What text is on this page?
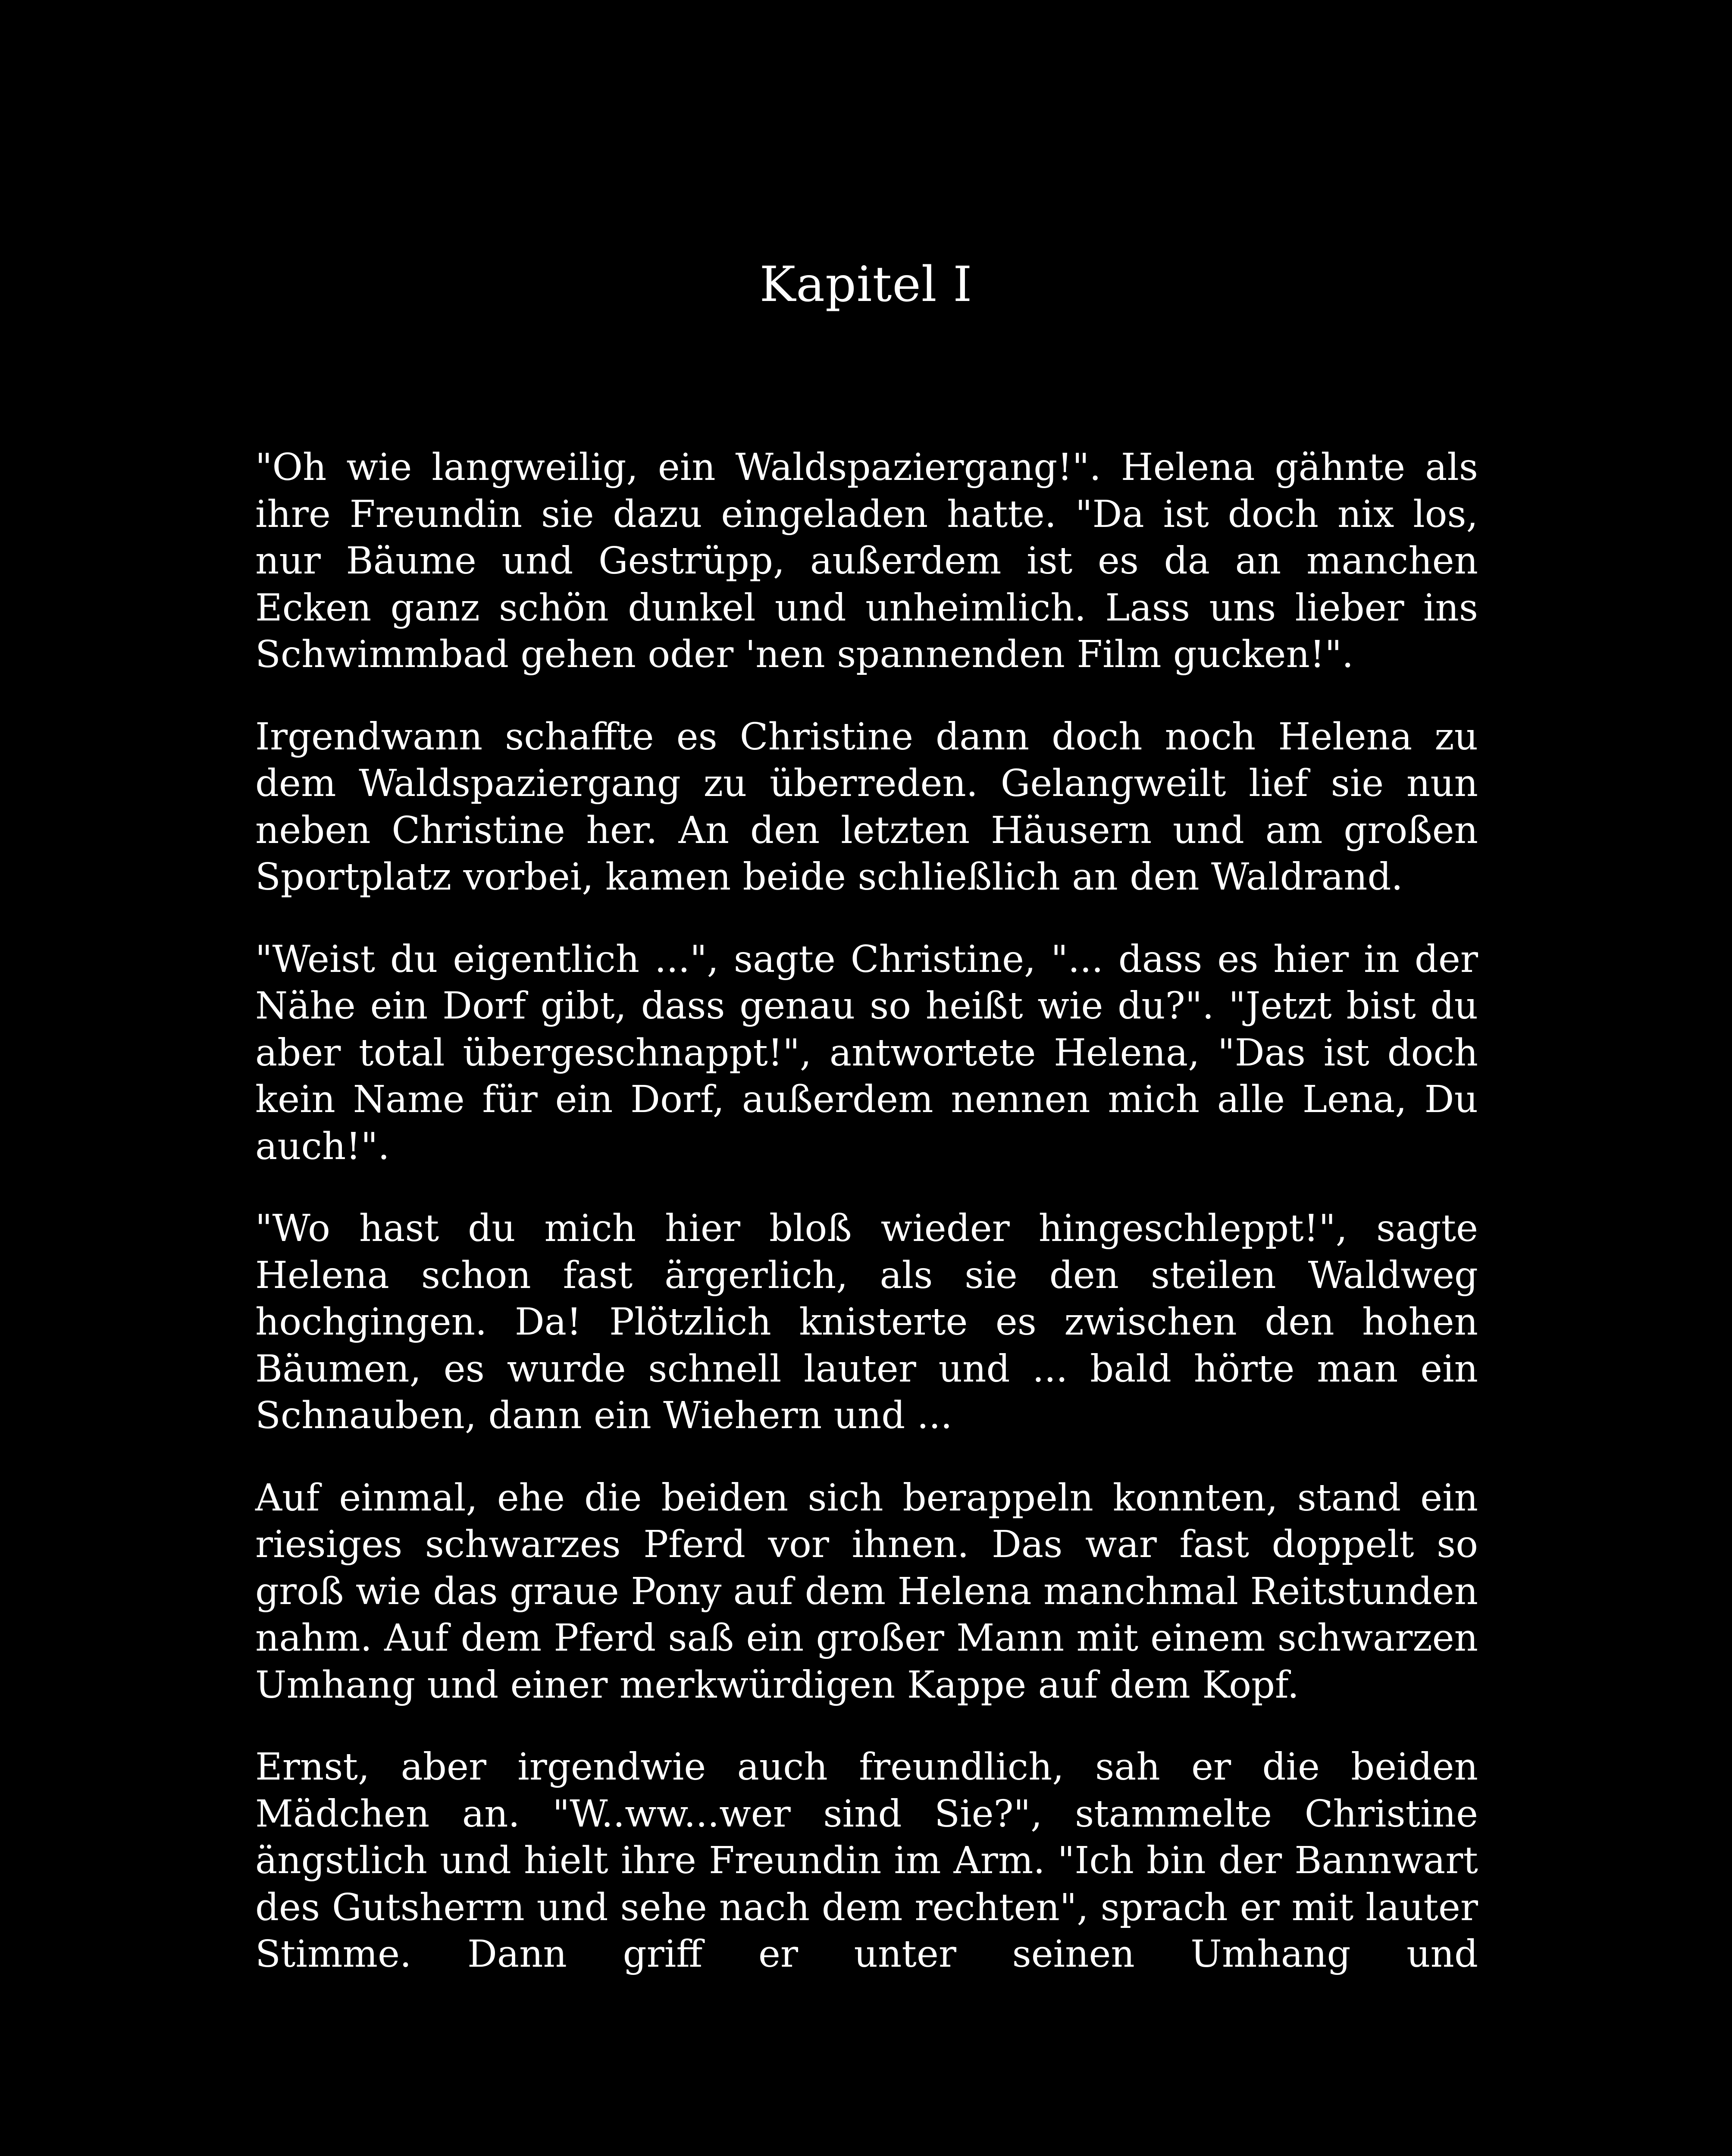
Kapitel I

"Oh wie langweilig, ein Waldspaziergang!". Helena gähnte als ihre Freundin sie dazu eingeladen hatte. "Da ist doch nix los, nur Bäume und Gestrüpp, außerdem ist es da an manchen Ecken ganz schön dunkel und unheimlich. Lass uns lieber ins Schwimmbad gehen oder 'nen spannenden Film gucken!".

Irgendwann schaffte es Christine dann doch noch Helena zu dem Waldspaziergang zu überreden. Gelangweilt lief sie nun neben Christine her. An den letzten Häusern und am großen Sportplatz vorbei, kamen beide schließlich an den Waldrand.

"Weist du eigentlich ...", sagte Christine, "... dass es hier in der Nähe ein Dorf gibt, dass genau so heißt wie du?". "Jetzt bist du aber total übergeschnappt!", antwortete Helena, "Das ist doch kein Name für ein Dorf, außerdem nennen mich alle Lena, Du auch!".

"Wo hast du mich hier bloß wieder hingeschleppt!", sagte Helena schon fast ärgerlich, als sie den steilen Waldweg hochgingen. Da! Plötzlich knisterte es zwischen den hohen Bäumen, es wurde schnell lauter und ... bald hörte man ein Schnauben, dann ein Wiehern und ...

Auf einmal, ehe die beiden sich berappeln konnten, stand ein riesiges schwarzes Pferd vor ihnen. Das war fast doppelt so groß wie das graue Pony auf dem Helena manchmal Reitstunden nahm. Auf dem Pferd saß ein großer Mann mit einem schwarzen Umhang und einer merkwürdigen Kappe auf dem Kopf.

Ernst, aber irgendwie auch freundlich, sah er die beiden Mädchen an. "W..ww...wer sind Sie?", stammelte Christine ängstlich und hielt ihre Freundin im Arm. "Ich bin der Bannwart des Gutsherrn und sehe nach dem rechten", sprach er mit lauter Stimme. Dann griff er unter seinen Umhang und
